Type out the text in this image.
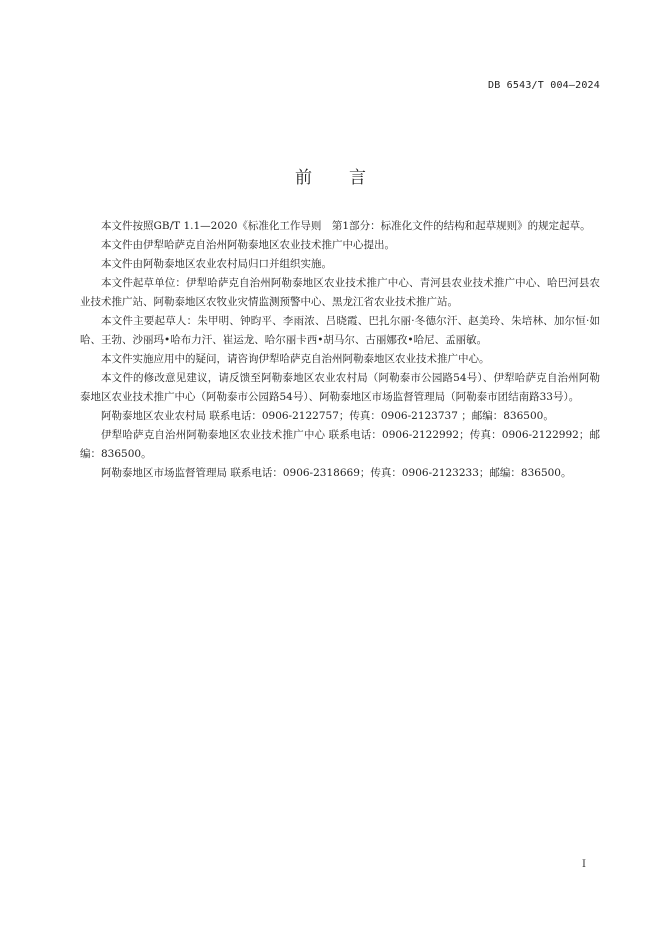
DB 6543/T 004—2024
前 言

本文件按照GB/T 1.1—2020《标准化工作导则　第1部分：标准化文件的结构和起草规则》的规定起草。

本文件由伊犁哈萨克自治州阿勒泰地区农业技术推广中心提出。

本文件由阿勒泰地区农业农村局归口并组织实施。

本文件起草单位：伊犁哈萨克自治州阿勒泰地区农业技术推广中心、青河县农业技术推广中心、哈巴河县农业技术推广站、阿勒泰地区农牧业灾情监测预警中心、黑龙江省农业技术推广站。

本文件主要起草人：朱甲明、钟昀平、李雨浓、吕晓霞、巴扎尔丽·冬德尔汗、赵美玲、朱培林、加尔恒·如哈、王勃、沙丽玛•哈布力汗、崔运龙、哈尔丽卡西•胡马尔、古丽娜孜•哈尼、孟丽敏。

本文件实施应用中的疑问，请咨询伊犁哈萨克自治州阿勒泰地区农业技术推广中心。

本文件的修改意见建议，请反馈至阿勒泰地区农业农村局（阿勒泰市公园路54号）、伊犁哈萨克自治州阿勒泰地区农业技术推广中心（阿勒泰市公园路54号）、阿勒泰地区市场监督管理局（阿勒泰市团结南路33号）。

阿勒泰地区农业农村局 联系电话：0906-2122757；传真：0906-2123737 ；邮编：836500。

伊犁哈萨克自治州阿勒泰地区农业技术推广中心 联系电话：0906-2122992；传真：0906-2122992；邮编：836500。

阿勒泰地区市场监督管理局 联系电话：0906-2318669；传真：0906-2123233；邮编：836500。

I
